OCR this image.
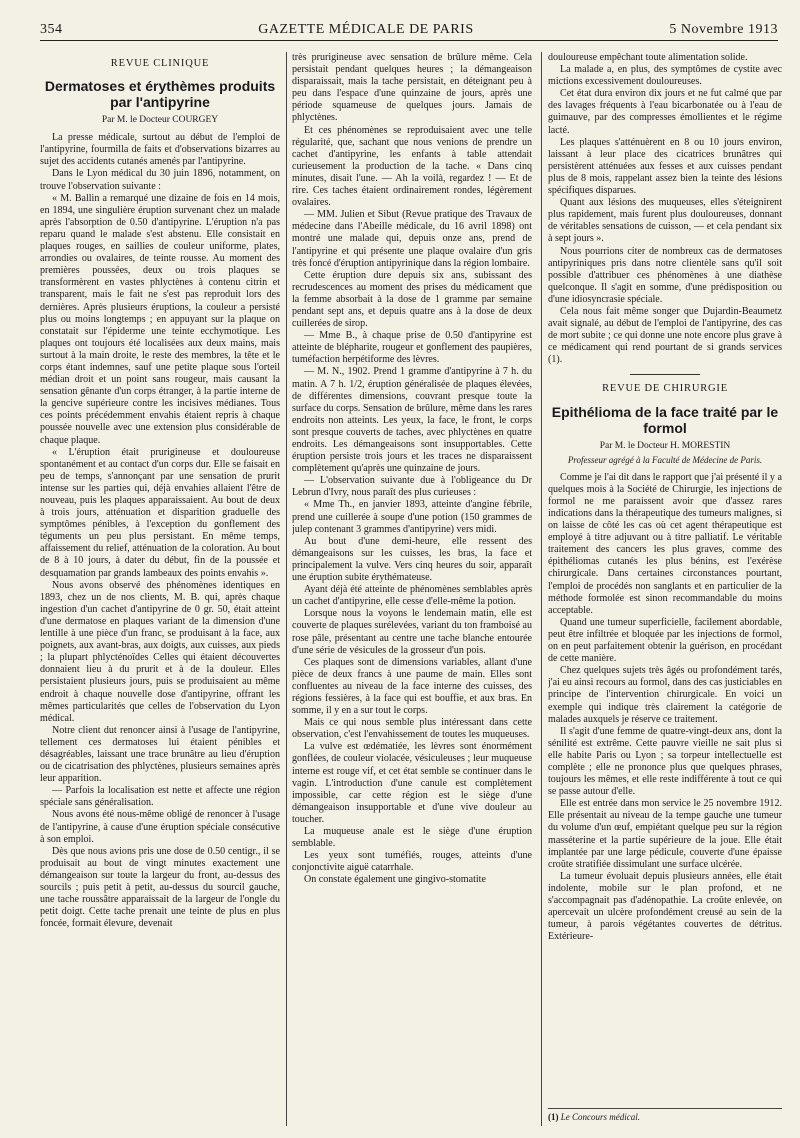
354	GAZETTE MÉDICALE DE PARIS	5 Novembre 1913

REVUE CLINIQUE

Dermatoses et érythèmes produits par l'antipyrine

Par M. le Docteur COURGEY

La presse médicale, surtout au début de l'emploi de l'antipyrine, fourmilla de faits et d'observations bizarres au sujet des accidents cutanés amenés par l'antipyrine.

Dans le Lyon médical du 30 juin 1896, notamment, on trouve l'observation suivante :

« M. Ballin a remarqué une dizaine de fois en 14 mois, en 1894, une singulière éruption survenant chez un malade après l'absorption de 0.50 d'antipyrine. L'éruption n'a pas reparu quand le malade s'est abstenu. Elle consistait en plaques rouges, en saillies de couleur uniforme, plates, arrondies ou ovalaires, de teinte rousse. Au moment des premières poussées, deux ou trois plaques se transformèrent en vastes phlyctènes à contenu citrin et transparent, mais le fait ne s'est pas reproduit lors des dernières. Après plusieurs éruptions, la couleur a persisté plus ou moins longtemps ; en appuyant sur la plaque on constatait sur l'épiderme une teinte ecchymotique. Les plaques ont toujours été localisées aux deux mains, mais surtout à la main droite, le reste des membres, la tête et le corps étant indemnes, sauf une petite plaque sous l'orteil médian droit et un point sans rougeur, mais causant la sensation gênante d'un corps étranger, à la partie interne de la gencive supérieure contre les incisives médianes. Tous ces points précédemment envahis étaient repris à chaque poussée nouvelle avec une extension plus considérable de chaque plaque.

« L'éruption était prurigineuse et douloureuse spontanément et au contact d'un corps dur. Elle se faisait en peu de temps, s'annonçant par une sensation de prurit intense sur les parties qui, déjà envahies allaient l'être de nouveau, puis les plaques apparaissaient. Au bout de deux à trois jours, atténuation et disparition graduelle des symptômes pénibles, à l'exception du gonflement des téguments un peu plus persistant. En même temps, affaissement du relief, atténuation de la coloration. Au bout de 8 à 10 jours, à dater du début, fin de la poussée et desquamation par grands lambeaux des points envahis ».

Nous avons observé des phénomènes identiques en 1893, chez un de nos clients, M. B. qui, après chaque ingestion d'un cachet d'antipyrine de 0 gr. 50, était atteint d'une dermatose en plaques variant de la dimension d'une lentille à une pièce d'un franc, se produisant à la face, aux poignets, aux avant-bras, aux doigts, aux cuisses, aux pieds ; la plupart phlycténoïdes Celles qui étaient découvertes donnaient lieu à du prurit et à de la douleur. Elles persistaient plusieurs jours, puis se produisaient au même endroit à chaque nouvelle dose d'antipyrine, offrant les mêmes particularités que celles de l'observation du Lyon médical.

Notre client dut renoncer ainsi à l'usage de l'antipyrine, tellement ces dermatoses lui étaient pénibles et désagréables, laissant une trace brunâtre au lieu d'éruption ou de cicatrisation des phlyctènes, plusieurs semaines après leur apparition.

— Parfois la localisation est nette et affecte une région spéciale sans généralisation.

Nous avons été nous-même obligé de renoncer à l'usage de l'antipyrine, à cause d'une éruption spéciale consécutive à son emploi.

Dès que nous avions pris une dose de 0.50 centigr., il se produisait au bout de vingt minutes exactement une démangeaison sur toute la largeur du front, au-dessus des sourcils ; puis petit à petit, au-dessus du sourcil gauche, une tache roussâtre apparaissait de la largeur de l'ongle du petit doigt. Cette tache prenait une teinte de plus en plus foncée, formait élevure, devenait

très prurigineuse avec sensation de brûlure même. Cela persistait pendant quelques heures ; la démangeaison disparaissait, mais la tache persistait, en déteignant peu à peu dans l'espace d'une quinzaine de jours, après une période squameuse de quelques jours. Jamais de phlyctènes.

Et ces phénomènes se reproduisaient avec une telle régularité, que, sachant que nous venions de prendre un cachet d'antipyrine, les enfants à table attendait curieusement la production de la tache. « Dans cinq minutes, disait l'une. — Ah la voilà, regardez ! — Et de rire. Ces taches étaient ordinairement rondes, légèrement ovalaires.

— MM. Julien et Sibut (Revue pratique des Travaux de médecine dans l'Abeille médicale, du 16 avril 1898) ont montré une malade qui, depuis onze ans, prend de l'antipyrine et qui présente une plaque ovalaire d'un gris très foncé d'éruption antipyrinique dans la région lombaire.

Cette éruption dure depuis six ans, subissant des recrudescences au moment des prises du médicament que la femme absorbait à la dose de 1 gramme par semaine pendant sept ans, et depuis quatre ans à la dose de deux cuillerées de sirop.

— Mme B., à chaque prise de 0.50 d'antipyrine est atteinte de blépharite, rougeur et gonflement des paupières, tuméfaction herpétiforme des lèvres.

— M. N., 1902. Prend 1 gramme d'antipyrine à 7 h. du matin. A 7 h. 1/2, éruption généralisée de plaques élevées, de différentes dimensions, couvrant presque toute la surface du corps. Sensation de brûlure, même dans les rares endroits non atteints. Les yeux, la face, le front, le corps sont presque couverts de taches, avec phlyctènes en quatre endroits. Les démangeaisons sont insupportables. Cette éruption persiste trois jours et les traces ne disparaissent complètement qu'après une quinzaine de jours.

— L'observation suivante due à l'obligeance du Dr Lebrun d'Ivry, nous paraît des plus curieuses :

« Mme Th., en janvier 1893, atteinte d'angine fébrile, prend une cuillerée à soupe d'une potion (150 grammes de julep contenant 3 grammes d'antipyrine) vers midi.

Au bout d'une demi-heure, elle ressent des démangeaisons sur les cuisses, les bras, la face et principalement la vulve. Vers cinq heures du soir, apparaît une éruption subite érythémateuse.

Ayant déjà été atteinte de phénomènes semblables après un cachet d'antipyrine, elle cesse d'elle-même la potion.

Lorsque nous la voyons le lendemain matin, elle est couverte de plaques surélevées, variant du ton framboisé au rose pâle, présentant au centre une tache blanche entourée d'une série de vésicules de la grosseur d'un pois.

Ces plaques sont de dimensions variables, allant d'une pièce de deux francs à une paume de main. Elles sont confluentes au niveau de la face interne des cuisses, des régions fessières, à la face qui est bouffie, et aux bras. En somme, il y en a sur tout le corps.

Mais ce qui nous semble plus intéressant dans cette observation, c'est l'envahissement de toutes les muqueuses.

La vulve est œdématiée, les lèvres sont énormément gonflées, de couleur violacée, vésiculeuses ; leur muqueuse interne est rouge vif, et cet état semble se continuer dans le vagin. L'introduction d'une canule est complètement impossible, car cette région est le siège d'une démangeaison insupportable et d'une vive douleur au toucher.

La muqueuse anale est le siège d'une éruption semblable.

Les yeux sont tuméfiés, rouges, atteints d'une conjonctivite aiguë catarrhale.

On constate également une gingivo-stomatite

douloureuse empêchant toute alimentation solide.

La malade a, en plus, des symptômes de cystite avec mictions excessivement douloureuses.

Cet état dura environ dix jours et ne fut calmé que par des lavages fréquents à l'eau bicarbonatée ou à l'eau de guimauve, par des compresses émollientes et le régime lacté.

Les plaques s'atténuèrent en 8 ou 10 jours environ, laissant à leur place des cicatrices brunâtres qui persistèrent atténuées aux fesses et aux cuisses pendant plus de 8 mois, rappelant assez bien la teinte des lésions spécifiques disparues.

Quant aux lésions des muqueuses, elles s'éteignirent plus rapidement, mais furent plus douloureuses, donnant de véritables sensations de cuisson, — et cela pendant six à sept jours ».

Nous pourrions citer de nombreux cas de dermatoses antipyriniques pris dans notre clientèle sans qu'il soit possible d'attribuer ces phénomènes à une diathèse quelconque. Il s'agit en somme, d'une prédisposition ou d'une idiosyncrasie spéciale.

Cela nous fait même songer que Dujardin-Beaumetz avait signalé, au début de l'emploi de l'antipyrine, des cas de mort subite ; ce qui donne une note encore plus grave à ce médicament qui rend pourtant de si grands services (1).

REVUE DE CHIRURGIE

Epithélioma de la face traité par le formol

Par M. le Docteur H. MORESTIN

Professeur agrégé à la Faculté de Médecine de Paris.

Comme je l'ai dit dans le rapport que j'ai présenté il y a quelques mois à la Société de Chirurgie, les injections de formol ne me paraissent avoir que d'assez rares indications dans la thérapeutique des tumeurs malignes, si on laisse de côté les cas où cet agent thérapeutique est employé à titre adjuvant ou à titre palliatif. Le véritable traitement des cancers les plus graves, comme des épithéliomas cutanés les plus bénins, est l'exérèse chirurgicale. Dans certaines circonstances pourtant, l'emploi de procédés non sanglants et en particulier de la méthode formolée est sinon recommandable du moins acceptable.

Quand une tumeur superficielle, facilement abordable, peut être infiltrée et bloquée par les injections de formol, on en peut parfaitement obtenir la guérison, en procédant de cette manière.

Chez quelques sujets très âgés ou profondément tarés, j'ai eu ainsi recours au formol, dans des cas justiciables en principe de l'intervention chirurgicale. En voici un exemple qui indique très clairement la catégorie de malades auxquels je réserve ce traitement.

Il s'agit d'une femme de quatre-vingt-deux ans, dont la sénilité est extrême. Cette pauvre vieille ne sait plus si elle habite Paris ou Lyon ; sa torpeur intellectuelle est complète ; elle ne prononce plus que quelques phrases, toujours les mêmes, et elle reste indifférente à tout ce qui se passe autour d'elle.

Elle est entrée dans mon service le 25 novembre 1912. Elle présentait au niveau de la tempe gauche une tumeur du volume d'un œuf, empiétant quelque peu sur la région masséterine et la partie supérieure de la joue. Elle était implantée par une large pédicule, couverte d'une épaisse croûte stratifiée dissimulant une surface ulcérée.

La tumeur évoluait depuis plusieurs années, elle était indolente, mobile sur le plan profond, et ne s'accompagnait pas d'adénopathie. La croûte enlevée, on apercevait un ulcère profondément creusé au sein de la tumeur, à parois végétantes couvertes de détritus. Extérieure-

(1) Le Concours médical.
